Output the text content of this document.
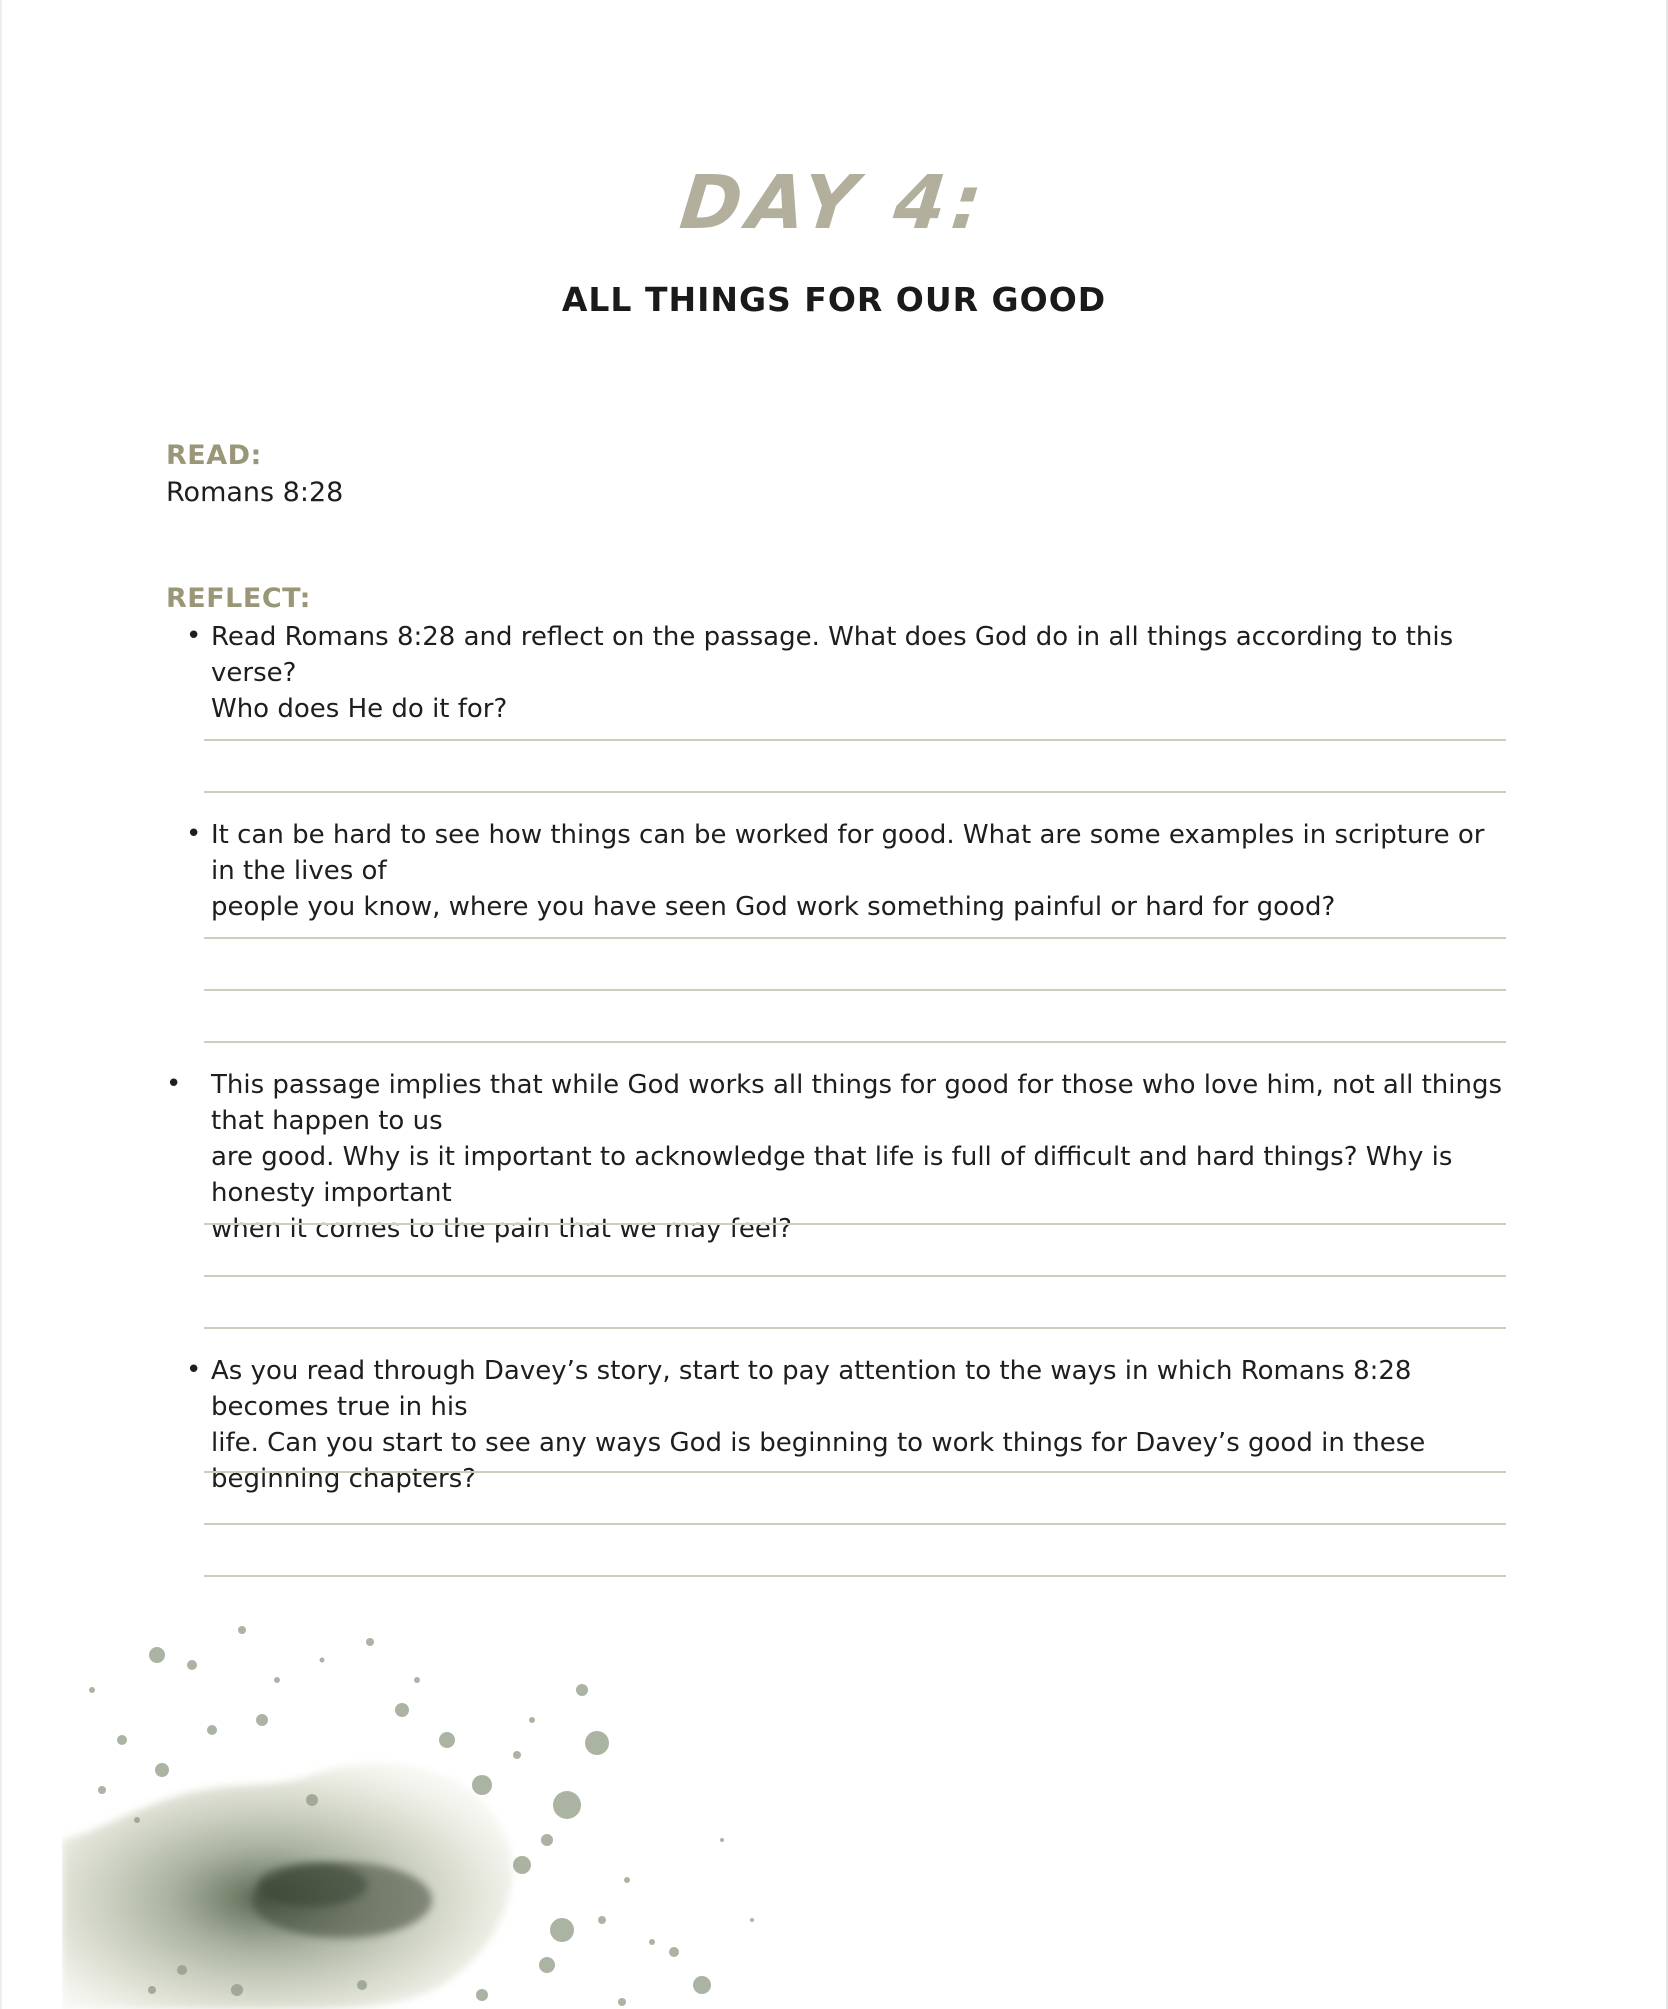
DAY 4:
ALL THINGS FOR OUR GOOD
READ:
Romans 8:28
REFLECT:
• Read Romans 8:28 and reflect on the passage. What does God do in all things according to this verse?
Who does He do it for?
• It can be hard to see how things can be worked for good. What are some examples in scripture or in the lives of
people you know, where you have seen God work something painful or hard for good?
• This passage implies that while God works all things for good for those who love him, not all things that happen to us
are good. Why is it important to acknowledge that life is full of difficult and hard things? Why is honesty important
when it comes to the pain that we may feel?
• As you read through Davey’s story, start to pay attention to the ways in which Romans 8:28 becomes true in his
life. Can you start to see any ways God is beginning to work things for Davey’s good in these beginning chapters?
